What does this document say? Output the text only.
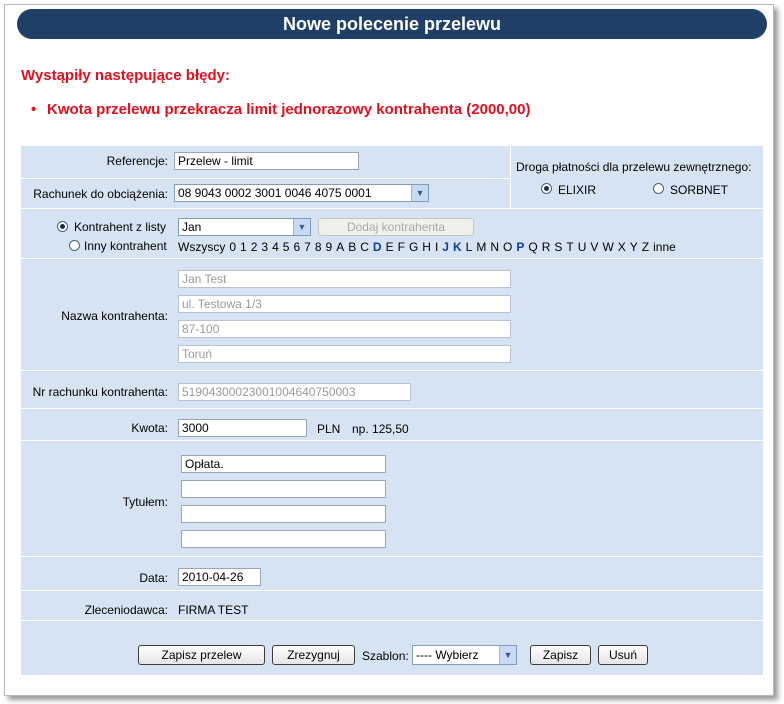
Nowe polecenie przelewu
Wystąpiły następujące błędy:
• Kwota przelewu przekracza limit jednorazowy kontrahenta (2000,00)
Referencje: Przelew - limit
Rachunek do obciążenia: 08 9043 0002 3001 0046 4075 0001	▼
Droga płatności dla przelewu zewnętrznego:
ELIXIR	SORBNET
Kontrahent z listy
Inny kontrahent
Jan	▼	Dodaj kontrahenta
Wszyscy 0 1 2 3 4 5 6 7 8 9 A B C D E F G H I J K L M N O P Q R S T U V W X Y Z inne
Nazwa kontrahenta:
Jan Test
ul. Testowa 1/3
87-100
Toruń
Nr rachunku kontrahenta:	51904300023001004640750003
Kwota:	3000	PLN np. 125,50
Tytułem:
Opłata.
Data:	2010-04-26
Zleceniodawca: FIRMA TEST
Zapisz przelew	Zrezygnuj	Szablon: ---- Wybierz	▼	Zapisz	Usuń
